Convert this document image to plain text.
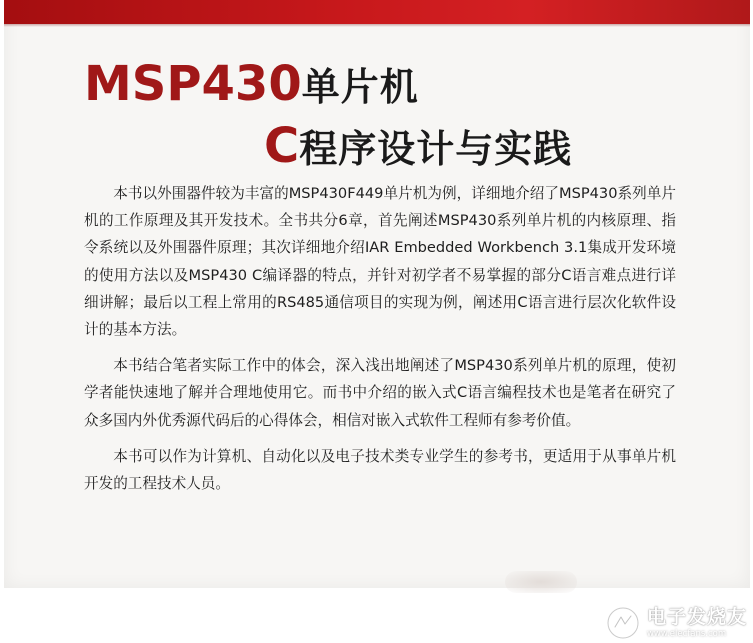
MSP430单片机
C程序设计与实践

本书以外围器件较为丰富的MSP430F449单片机为例，详细地介绍了MSP430系列单片机的工作原理及其开发技术。全书共分6章，首先阐述MSP430系列单片机的内核原理、指令系统以及外围器件原理；其次详细地介绍IAR Embedded Workbench 3.1集成开发环境的使用方法以及MSP430 C编译器的特点，并针对初学者不易掌握的部分C语言难点进行详细讲解；最后以工程上常用的RS485通信项目的实现为例，阐述用C语言进行层次化软件设计的基本方法。

本书结合笔者实际工作中的体会，深入浅出地阐述了MSP430系列单片机的原理，使初学者能快速地了解并合理地使用它。而书中介绍的嵌入式C语言编程技术也是笔者在研究了众多国内外优秀源代码后的心得体会，相信对嵌入式软件工程师有参考价值。

本书可以作为计算机、自动化以及电子技术类专业学生的参考书，更适用于从事单片机开发的工程技术人员。

电子发烧友
www.elecfans.com
